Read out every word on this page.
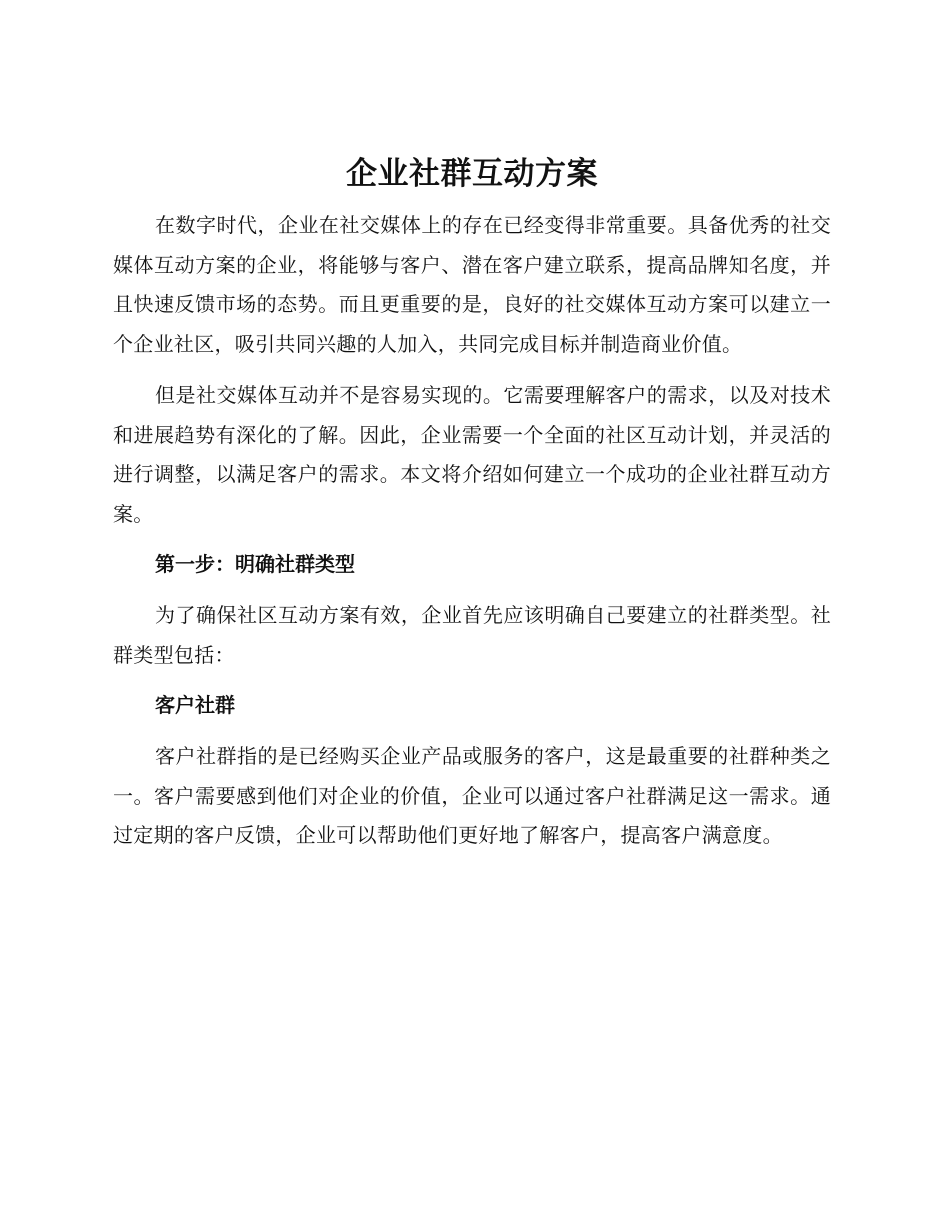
企业社群互动方案

在数字时代，企业在社交媒体上的存在已经变得非常重要。具备优秀的社交媒体互动方案的企业，将能够与客户、潜在客户建立联系，提高品牌知名度，并且快速反馈市场的态势。而且更重要的是，良好的社交媒体互动方案可以建立一个企业社区，吸引共同兴趣的人加入，共同完成目标并制造商业价值。

但是社交媒体互动并不是容易实现的。它需要理解客户的需求，以及对技术和进展趋势有深化的了解。因此，企业需要一个全面的社区互动计划，并灵活的进行调整，以满足客户的需求。本文将介绍如何建立一个成功的企业社群互动方案。

第一步：明确社群类型

为了确保社区互动方案有效，企业首先应该明确自己要建立的社群类型。社群类型包括：

客户社群

客户社群指的是已经购买企业产品或服务的客户，这是最重要的社群种类之一。客户需要感到他们对企业的价值，企业可以通过客户社群满足这一需求。通过定期的客户反馈，企业可以帮助他们更好地了解客户，提高客户满意度。
